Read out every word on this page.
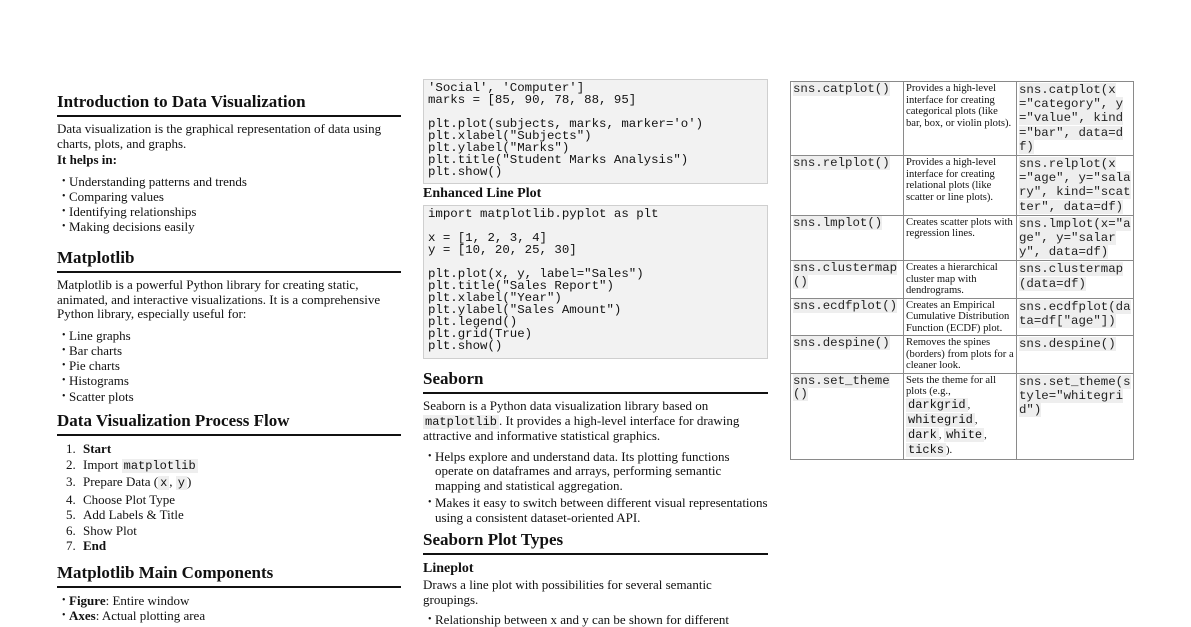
Introduction to Data Visualization

Data visualization is the graphical representation of data using charts, plots, and graphs.

It helps in:

• Understanding patterns and trends
• Comparing values
• Identifying relationships
• Making decisions easily
Matplotlib

Matplotlib is a powerful Python library for creating static, animated, and interactive visualizations. It is a comprehensive Python library, especially useful for:

• Line graphs
• Bar charts
• Pie charts
• Histograms
• Scatter plots
Data Visualization Process Flow
1. Start
2. Import matplotlib
3. Prepare Data ( x , y )
4. Choose Plot Type
5. Add Labels & Title
6. Show Plot
7. End
Matplotlib Main Components
• Figure: Entire window
• Axes: Actual plotting area
'Social', 'Computer']
marks = [85, 90, 78, 88, 95]

plt.plot(subjects, marks, marker='o')
plt.xlabel("Subjects")
plt.ylabel("Marks")
plt.title("Student Marks Analysis")
plt.show()
Enhanced Line Plot
import matplotlib.pyplot as plt

x = [1, 2, 3, 4]
y = [10, 20, 25, 30]

plt.plot(x, y, label="Sales")
plt.title("Sales Report")
plt.xlabel("Year")
plt.ylabel("Sales Amount")
plt.legend()
plt.grid(True)
plt.show()
Seaborn

Seaborn is a Python data visualization library based on matplotlib . It provides a high-level interface for drawing attractive and informative statistical graphics.

• Helps explore and understand data. Its plotting functions operate on dataframes and arrays, performing semantic mapping and statistical aggregation.
• Makes it easy to switch between different visual representations using a consistent dataset-oriented API.
Seaborn Plot Types
Lineplot

Draws a line plot with possibilities for several semantic groupings.

• Relationship between x and y can be shown for different
sns.catplot()	Provides a high-level interface for creating categorical plots (like bar, box, or violin plots).	sns.catplot(x="category", y="value", kind="bar", data=df)
sns.relplot()	Provides a high-level interface for creating relational plots (like scatter or line plots).	sns.relplot(x="age", y="salary", kind="scatter", data=df)
sns.lmplot()	Creates scatter plots with regression lines.	sns.lmplot(x="age", y="salary", data=df)
sns.clustermap()	Creates a hierarchical cluster map with dendrograms.	sns.clustermap(data=df)
sns.ecdfplot()	Creates an Empirical Cumulative Distribution Function (ECDF) plot.	sns.ecdfplot(data=df["age"])
sns.despine()	Removes the spines (borders) from plots for a cleaner look.	sns.despine()
sns.set_theme()	Sets the theme for all plots (e.g., darkgrid , whitegrid , dark , white , ticks ).	sns.set_theme(style="whitegrid")
